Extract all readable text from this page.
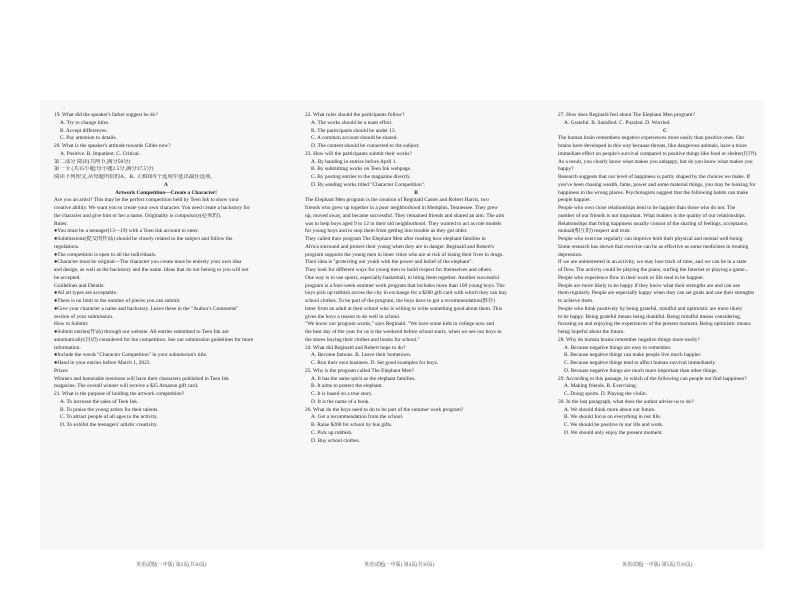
~

19. What did the speaker's father suggest he do?

A. Try to change titles.

B. Accept differences.

C. Pay attention to details.

20. What is the speaker's attitude towards Gibbs now?

A. Positive. B. Impatient. C. Critical.

第二部分 阅读(共两节,满分50分)

第一节 (共15小题;每小题2.5分,满分37.5分)

阅读下列短文,从每题所给的A、B、C和D四个选项中选出最佳选项。

A

Artwork Competition—Create a Character!

Are you an artist? This may be the perfect competition held by Teen Ink to show your

creative ability. We want you to create your own character. You need create a backstory for

the character and give him or her a name. Originality is compulsory(必须的).

Rules:

●You must be a teenager(13—19) with a Teen Ink account to enter.

●Submissions(提交的作品) should be closely related to the subject and follow the

regulations.

●The competition is open to all the individuals.

●Character must be original—The character you create must be entirely your own idea

and design, as well as the backstory and the name. Ideas that do not belong to you will not

be accepted.

Guidelines and Details:

●All art types are acceptable.

●There is no limit to the number of pieces you can submit.

●Give your character a name and backstory. Leave these in the "Author's Comments"

section of your submission.

How to Submit:

●Submit entries(作品) through our website. All entries submitted to Teen Ink are

automatically(自动) considered for the competition. See our submission guidelines for more

information.

●Include the words "Character Competition" in your submission's title.

●Hand in your entries before March 1, 2023.

Prizes:

Winners and honorable mentions will have their characters published in Teen Ink

magazine. The overall winner will receive a $25 Amazon gift card.

21. What is the purpose of holding the artwork competition?

A. To increase the sales of Teen Ink.

B. To praise the young artists for their talents.

C. To attract people of all ages to the activity.

D. To exhibit the teenagers' artistic creativity.

22. What rules should the participants follow?

A. The works should be a team effort.

B. The participants should be under 13.

C. A common account should be shared.

D. The content should be connected to the subject.

23. How will the participants submit their works?

A. By handing in entries before April 1.

B. By submitting works on Teen Ink webpage.

C. By posting entries to the magazine directly.

D. By sending works titled "Character Competition".

B

The Elephant Men program is the creation of Reginald Caster and Robert Harris, two

friends who grew up together in a poor neighborhood in Memphis, Tennessee. They grew

up, moved away, and became successful. They remained friends and shared an aim. The aim

was to help boys aged 9 to 12 in their old neighborhood. They wanted to act as role models

for young boys and to stop them from getting into trouble as they got older.

They called their program The Elephant Men after reading how elephant families in

Africa surround and protect their young when they are in danger. Reginald and Robert's

program supports the young men in inner cities who are at risk of losing their lives to drugs.

Their idea is "protecting our youth with the power and belief of the elephant".

They look for different ways for young men to build respect for themselves and others.

One way is to use sports, especially basketball, to bring them together. Another successful

program is a four-week summer work program that includes more than 100 young boys. The

boys pick up rubbish across the city in exchange for a $200 gift card with which they can buy

school clothes. To be part of the program, the boys have to get a recommendation(推荐)

letter from an adult at their school who is willing to write something good about them. This

gives the boys a reason to do well in school.

"We know our program works," says Reginald. "We have some kids in college now and

the best day of the year for us is the weekend before school starts, when we see our boys in

the stores buying their clothes and books for school."

24. What did Reginald and Robert hope to do?

A. Become famous. B. Leave their hometown.

C. Run their own business. D. Set good examples for boys.

25. Why is the program called The Elephant Men?

A. It has the same spirit as the elephant families.

B. It aims to protect the elephant.

C. It is based on a true story.

D. It is the name of a book.

26. What do the boys need to do to be part of the summer work program?

A. Get a recommendation from the school.

B. Raise $200 for school by bus gifts.

C. Pick up rubbish.

D. Buy school clothes.

27. How does Reginald feel about The Elephant Men program?

A. Grateful. B. Satisfied. C. Puzzled. D. Worried.

C

The human brain remembers negative experiences more easily than positive ones. Our

brains have developed in this way because threats, like dangerous animals, have a more

immediate effect on people's survival compared to positive things like food or shelter(住所).

As a result, you clearly know what makes you unhappy, but do you know what makes you

happy?

Research suggests that our level of happiness is partly shaped by the choices we make. If

you've been chasing wealth, fame, power and some material things, you may be looking for

happiness in the wrong places. Psychologists suggest that the following habits can make

people happier.

People who own close relationships tend to be happier than those who do not. The

number of our friends is not important. What matters is the quality of our relationships.

Relationships that bring happiness usually consist of the sharing of feelings, acceptance,

mutual(相互的) respect and trust.

People who exercise regularly can improve both their physical and mental well-being.

Some research has shown that exercise can be as effective as some medicines in treating

depression.

If we are uninterested in an activity, we may lose track of time, and we can be in a state

of flow. The activity could be playing the piano, surfing the Internet or playing a game...

People who experience flow in their work or life tend to be happier.

People are more likely to be happy if they know what their strengths are and can use

them regularly. People are especially happy when they can set goals and use their strengths

to achieve them.

People who think positively by being grateful, mindful and optimistic are more likely

to be happy. Being grateful means being thankful. Being mindful means considering,

focusing on and enjoying the experiences of the present moment. Being optimistic means

being hopeful about the future.

28. Why do human brains remember negative things more easily?

A. Because negative things are easy to remember.

B. Because negative things can make people live much happier.

C. Because negative things tend to affect human survival immediately.

D. Because negative things are much more important than other things.

29. According to this passage, in which of the following can people not find happiness?

A. Making friends. B. Exercising.

C. Doing sports. D. Playing the violin.

30. In the last paragraph, what does the author advise us to do?

A. We should think more about our future.

B. We should focus on everything in our life.

C. We should be positive in our life and work.

D. We should only enjoy the present moment.

英语试题(一中版) 第2页(共10页)	英语试题(一中版) 第4页(共10页)	英语试题(一中版) 第5页(共10页)
